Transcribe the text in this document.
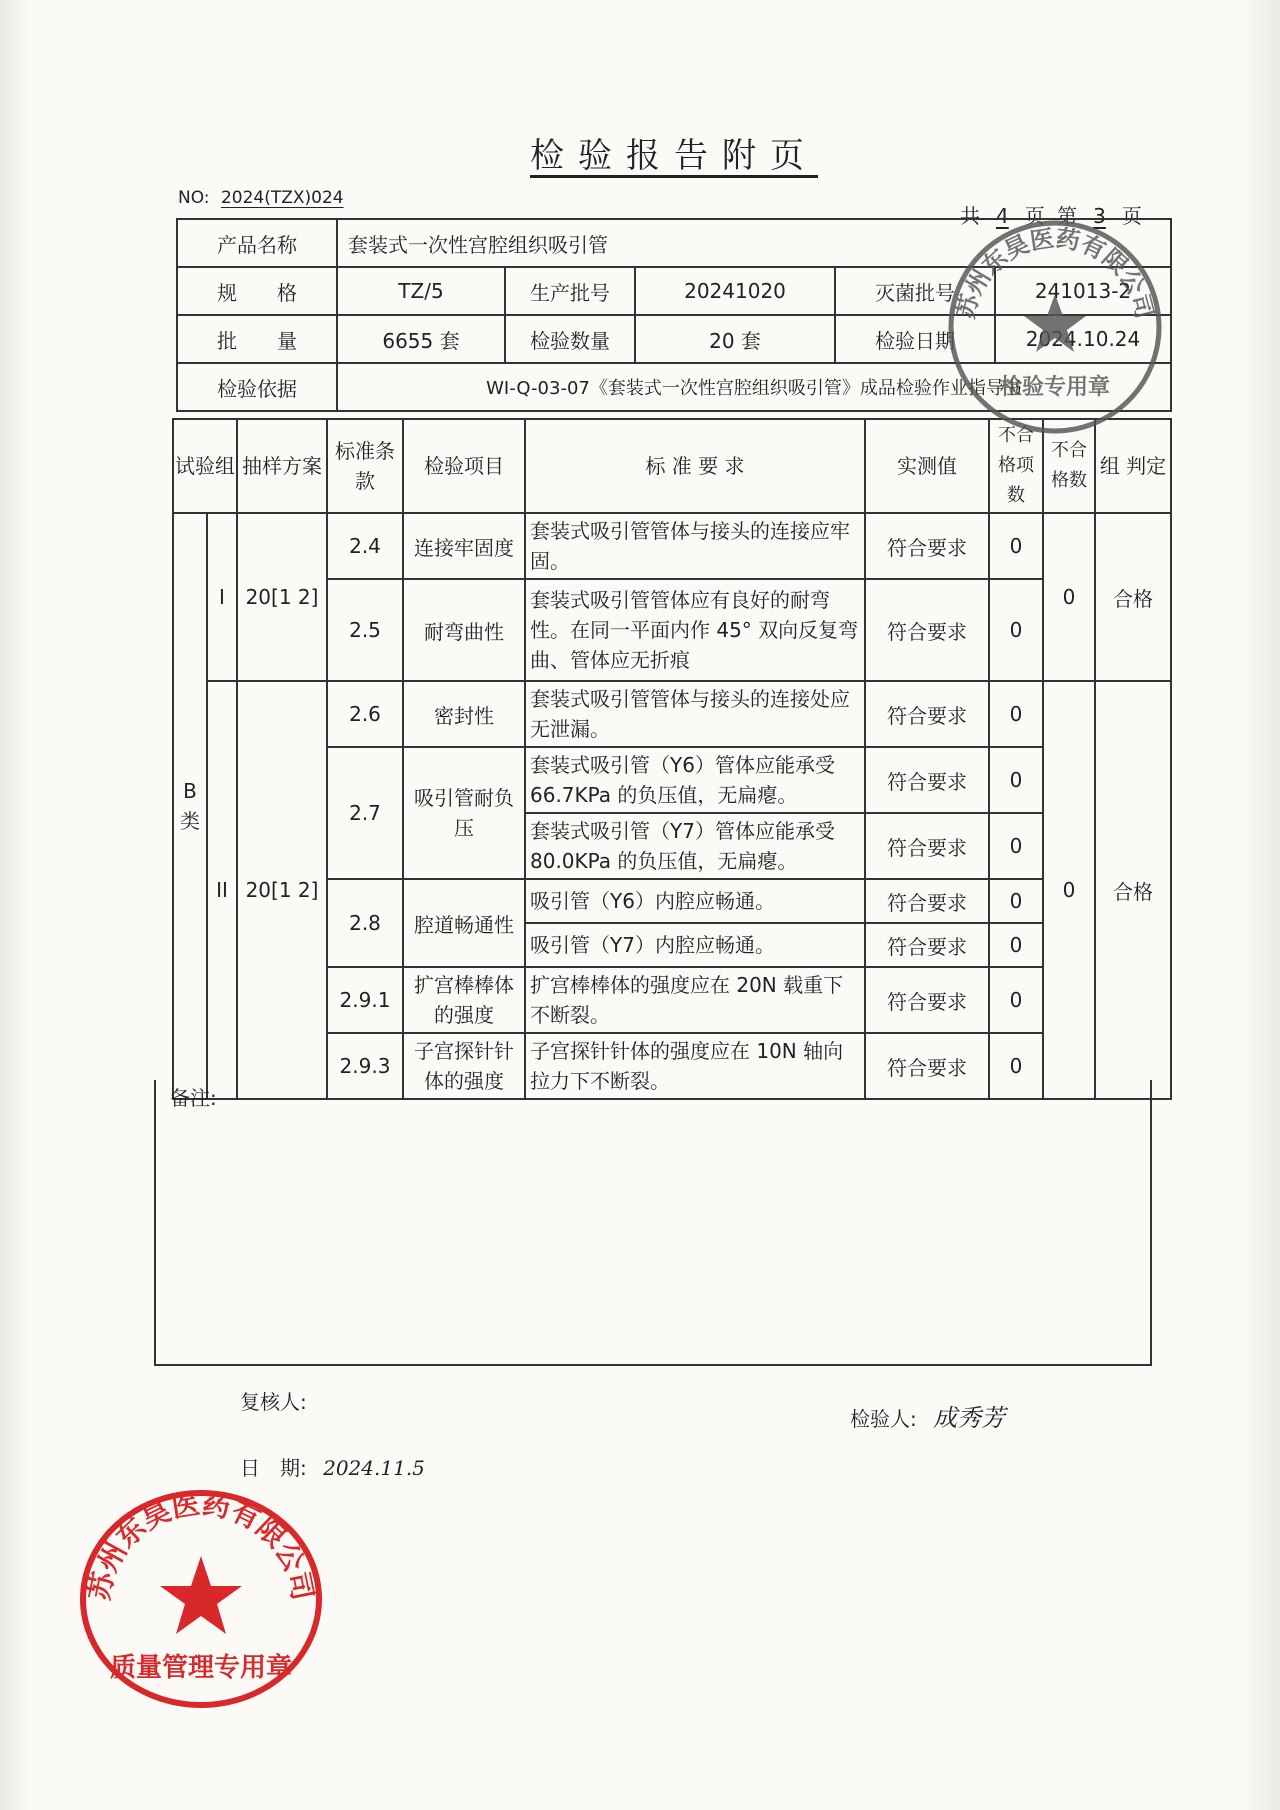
检验报告附页
NO: 2024(TZX)024
共 4 页 第 3 页
产品名称	套装式一次性宫腔组织吸引管				
规　　格	TZ/5	生产批号	20241020	灭菌批号	241013-2
批　　量	6655 套	检验数量	20 套	检验日期	2024.10.24
检验依据	WI-Q-03-07《套装式一次性宫腔组织吸引管》成品检验作业指导书				
试验组		抽样方案	标准条款	检验项目	标 准 要 求	实测值	不合格项 数	不合格数	组 判定
B 类	I	20[1 2]	2.4	连接牢固度	套装式吸引管管体与接头的连接应牢固。	符合要求	0	0	合格
			2.5	耐弯曲性	套装式吸引管管体应有良好的耐弯性。在同一平面内作 45° 双向反复弯曲、管体应无折痕	符合要求	0		
	II	20[1 2]	2.6	密封性	套装式吸引管管体与接头的连接处应无泄漏。	符合要求	0	0	合格
			2.7	吸引管耐负压	套装式吸引管（Y6）管体应能承受 66.7KPa 的负压值，无扁瘪。	符合要求	0		
					套装式吸引管（Y7）管体应能承受 80.0KPa 的负压值，无扁瘪。	符合要求	0		
			2.8	腔道畅通性	吸引管（Y6）内腔应畅通。	符合要求	0		
					吸引管（Y7）内腔应畅通。	符合要求	0		
			2.9.1	扩宫棒棒体的强度	扩宫棒棒体的强度应在 20N 载重下不断裂。	符合要求	0		
			2.9.3	子宫探针针体的强度	子宫探针针体的强度应在 10N 轴向拉力下不断裂。	符合要求	0		
备注:
复核人:
检验人: 成秀芳
日　期: 2024.11.5
苏州东昊医药有限公司
质量管理专用章
苏州东昊医药有限公司
检验专用章
